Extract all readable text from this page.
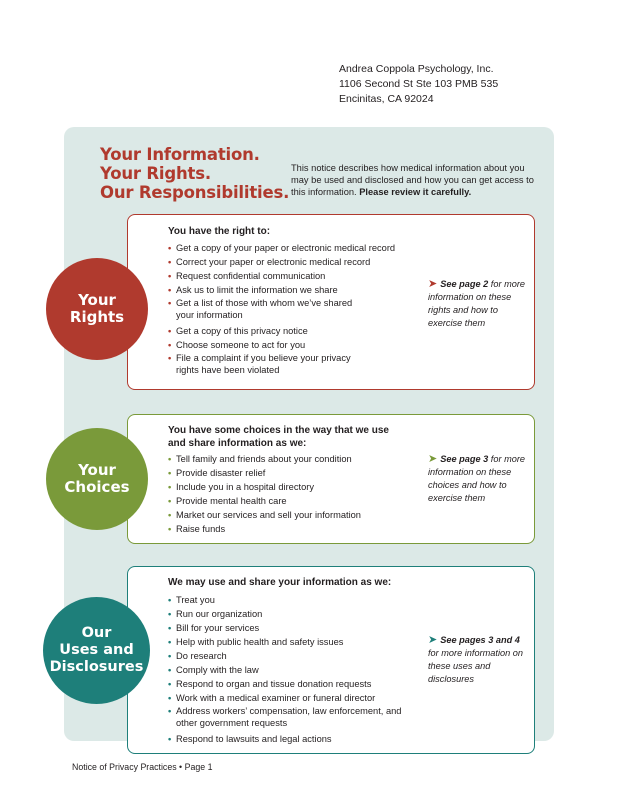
Andrea Coppola Psychology, Inc.
1106 Second St Ste 103 PMB 535
Encinitas, CA 92024
Your Information.
Your Rights.
Our Responsibilities.
This notice describes how medical information about you may be used and disclosed and how you can get access to this information. Please review it carefully.
You have the right to:
• Get a copy of your paper or electronic medical record
• Correct your paper or electronic medical record
• Request confidential communication
• Ask us to limit the information we share
• Get a list of those with whom we’ve shared your information
• Get a copy of this privacy notice
• Choose someone to act for you
• File a complaint if you believe your privacy rights have been violated
➤ See page 2 for more information on these rights and how to exercise them
Your
Rights
You have some choices in the way that we use and share information as we:
• Tell family and friends about your condition
• Provide disaster relief
• Include you in a hospital directory
• Provide mental health care
• Market our services and sell your information
• Raise funds
➤ See page 3 for more information on these choices and how to exercise them
Your
Choices
We may use and share your information as we:
• Treat you
• Run our organization
• Bill for your services
• Help with public health and safety issues
• Do research
• Comply with the law
• Respond to organ and tissue donation requests
• Work with a medical examiner or funeral director
• Address workers’ compensation, law enforcement, and other government requests
• Respond to lawsuits and legal actions
➤ See pages 3 and 4 for more information on these uses and disclosures
Our
Uses and
Disclosures
Notice of Privacy Practices • Page 1
